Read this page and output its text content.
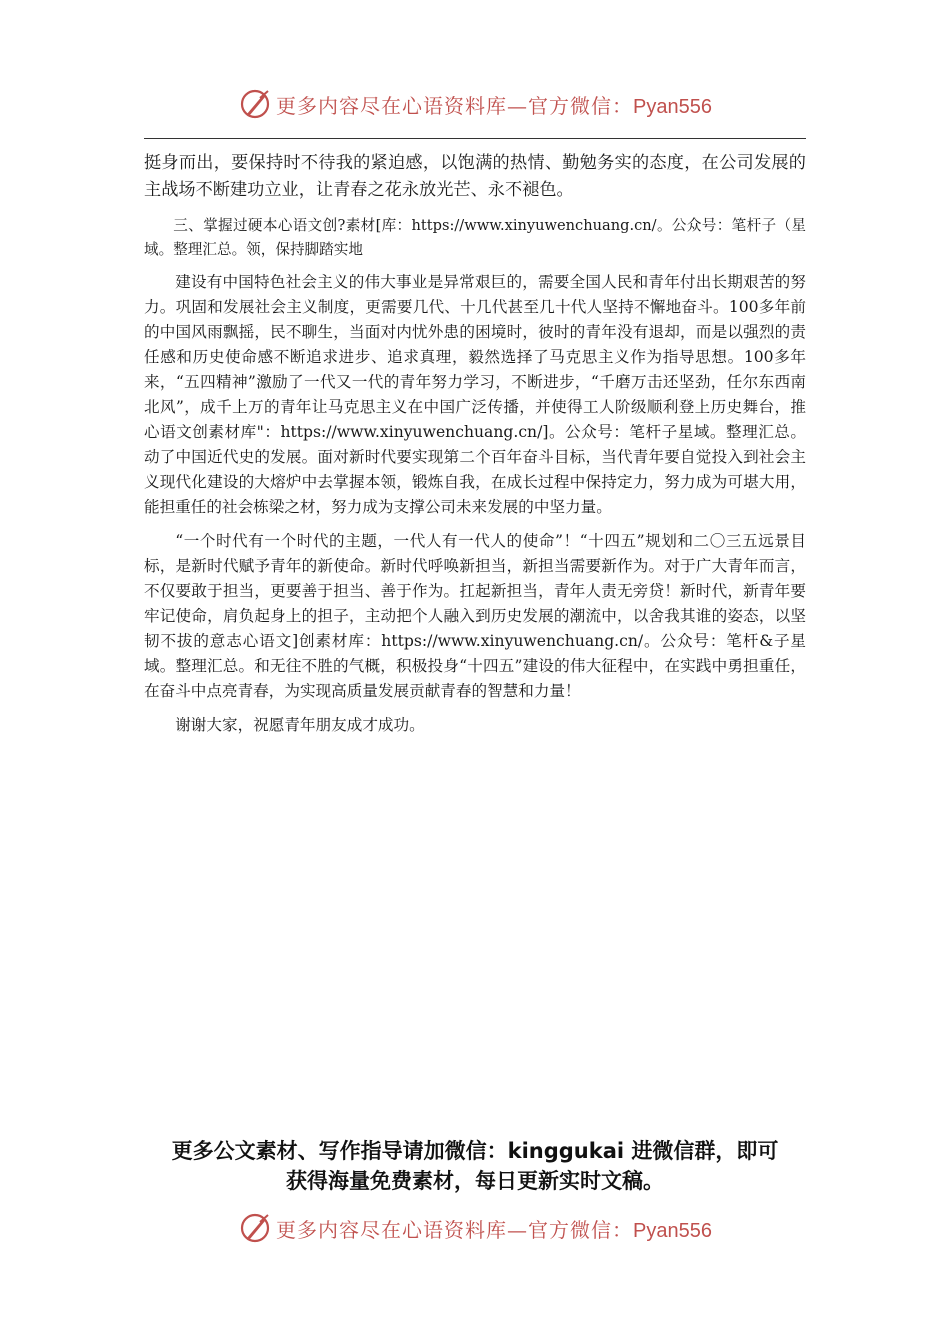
更多内容尽在心语资料库—官方微信：Pyan556

挺身而出，要保持时不待我的紧迫感，以饱满的热情、勤勉务实的态度，在公司发展的主战场不断建功立业，让青春之花永放光芒、永不褪色。

三、掌握过硬本心语文创?素材[库：https://www.xinyuwenchuang.cn/。公众号：笔杆子（星域。整理汇总。领，保持脚踏实地

建设有中国特色社会主义的伟大事业是异常艰巨的，需要全国人民和青年付出长期艰苦的努力。巩固和发展社会主义制度，更需要几代、十几代甚至几十代人坚持不懈地奋斗。100多年前的中国风雨飘摇，民不聊生，当面对内忧外患的困境时，彼时的青年没有退却，而是以强烈的责任感和历史使命感不断追求进步、追求真理，毅然选择了马克思主义作为指导思想。100多年来，“五四精神”激励了一代又一代的青年努力学习，不断进步，“千磨万击还坚劲，任尔东西南北风”，成千上万的青年让马克思主义在中国广泛传播，并使得工人阶级顺利登上历史舞台，推心语文创素材库"：https://www.xinyuwenchuang.cn/]。公众号：笔杆子星域。整理汇总。动了中国近代史的发展。面对新时代要实现第二个百年奋斗目标，当代青年要自觉投入到社会主义现代化建设的大熔炉中去掌握本领，锻炼自我，在成长过程中保持定力，努力成为可堪大用，能担重任的社会栋梁之材，努力成为支撑公司未来发展的中坚力量。

“一个时代有一个时代的主题，一代人有一代人的使命”！“十四五”规划和二〇三五远景目标，是新时代赋予青年的新使命。新时代呼唤新担当，新担当需要新作为。对于广大青年而言，不仅要敢于担当，更要善于担当、善于作为。扛起新担当，青年人责无旁贷！新时代，新青年要牢记使命，肩负起身上的担子，主动把个人融入到历史发展的潮流中，以舍我其谁的姿态，以坚韧不拔的意志心语文]创素材库：https://www.xinyuwenchuang.cn/。公众号：笔杆&子星域。整理汇总。和无往不胜的气概，积极投身“十四五”建设的伟大征程中，在实践中勇担重任， 在奋斗中点亮青春，为实现高质量发展贡献青春的智慧和力量！

谢谢大家，祝愿青年朋友成才成功。

更多公文素材、写作指导请加微信：kinggukai 进微信群，即可
获得海量免费素材，每日更新实时文稿。
更多内容尽在心语资料库—官方微信：Pyan556
